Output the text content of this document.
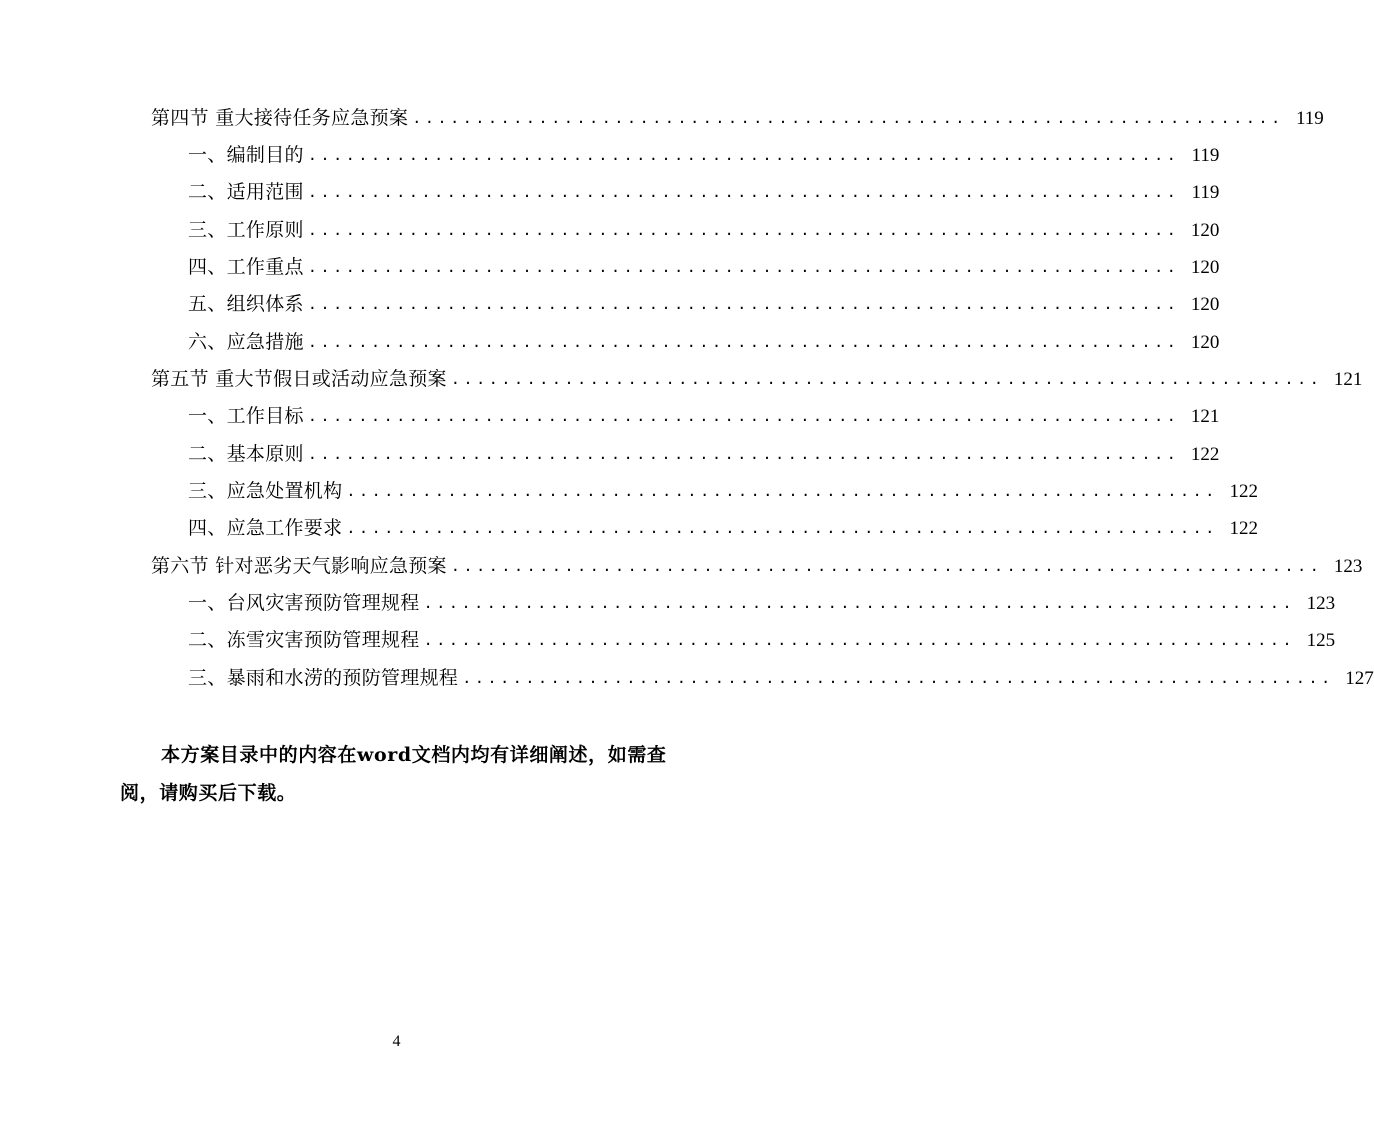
第四节 重大接待任务应急预案 ..................................................................... 119
一、编制目的 ..................................................................... 119
二、适用范围 ..................................................................... 119
三、工作原则 ..................................................................... 120
四、工作重点 ..................................................................... 120
五、组织体系 ..................................................................... 120
六、应急措施 ..................................................................... 120
第五节 重大节假日或活动应急预案 ..................................................................... 121
一、工作目标 ..................................................................... 121
二、基本原则 ..................................................................... 122
三、应急处置机构 ..................................................................... 122
四、应急工作要求 ..................................................................... 122
第六节 针对恶劣天气影响应急预案 ..................................................................... 123
一、台风灾害预防管理规程 ..................................................................... 123
二、冻雪灾害预防管理规程 ..................................................................... 125
三、暴雨和水涝的预防管理规程 ..................................................................... 127

本方案目录中的内容在word文档内均有详细阐述，如需查阅，请购买后下载。

4
